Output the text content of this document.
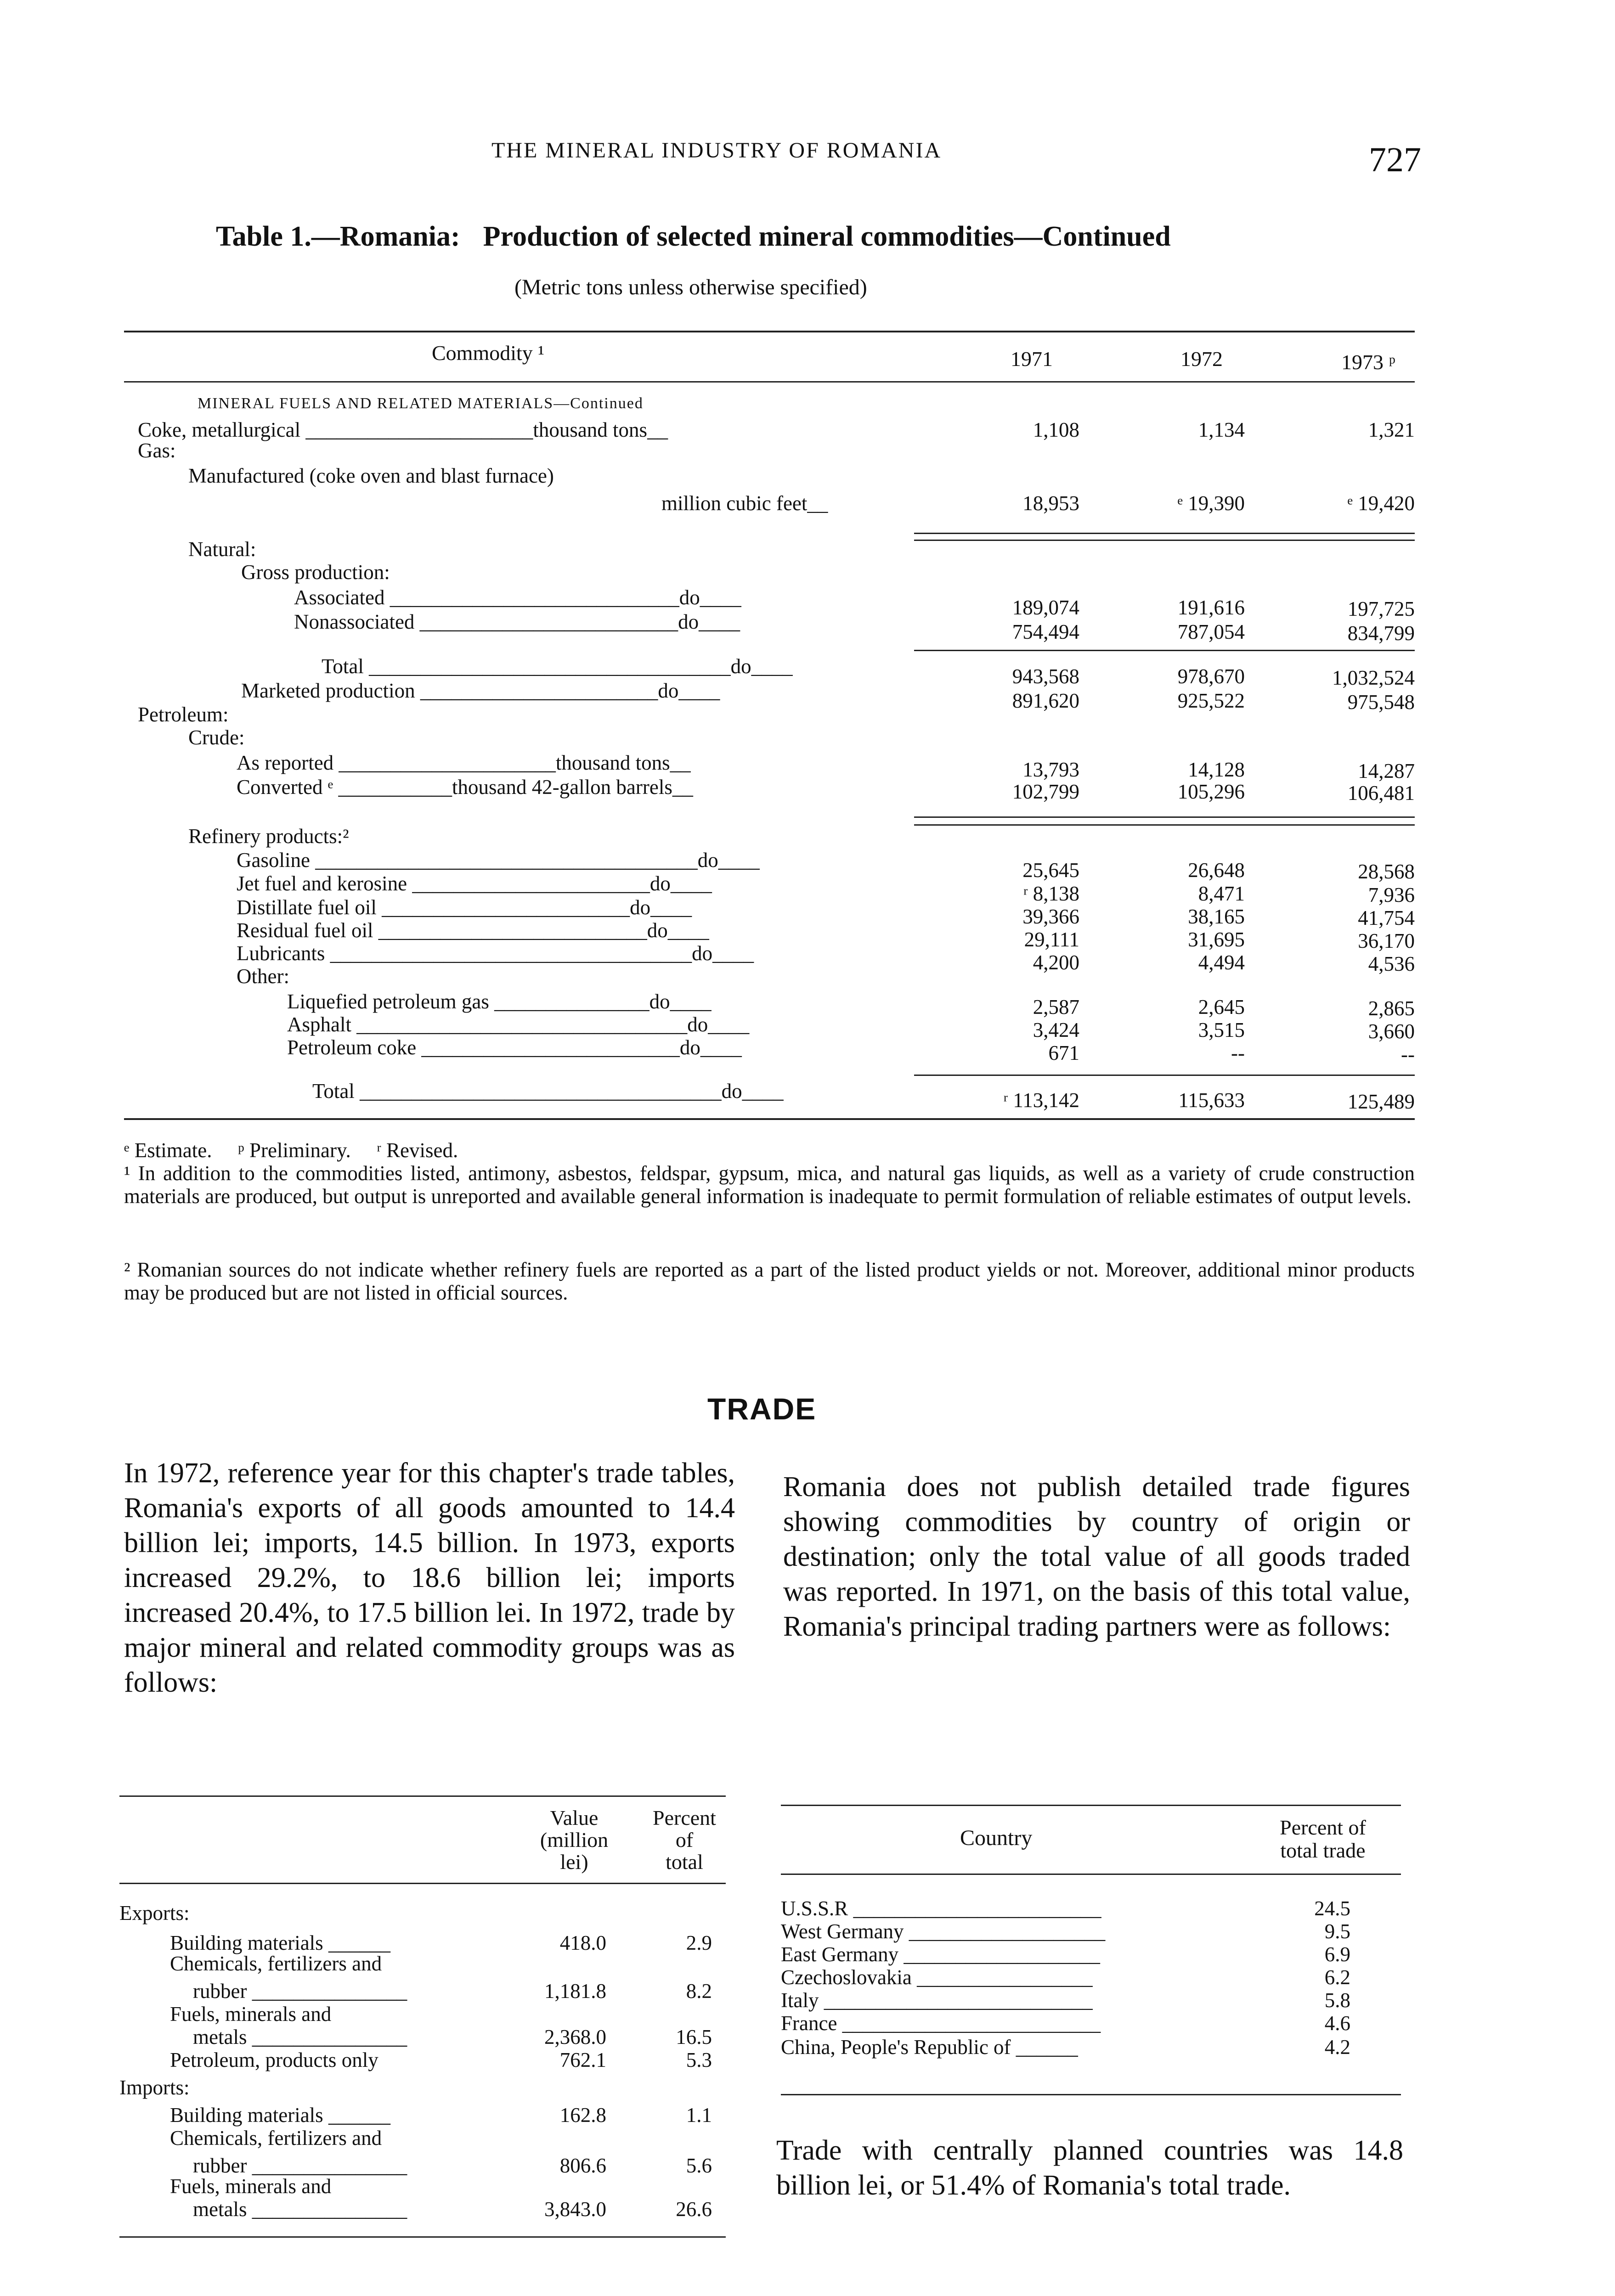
THE MINERAL INDUSTRY OF ROMANIA	727
Table 1.—Romania: Production of selected mineral commodities—Continued
(Metric tons unless otherwise specified)
Commodity ¹	1971	1972	1973 ᵖ
MINERAL FUELS AND RELATED MATERIALS—Continued
Coke, metallurgical ______________________thousand tons__	1,108	1,134	1,321
Gas:
Manufactured (coke oven and blast furnace)
million cubic feet__	18,953	ᵉ 19,390	ᵉ 19,420
Natural:
Gross production:
Associated ____________________________do____	189,074	191,616	197,725
Nonassociated _________________________do____	754,494	787,054	834,799
Total ___________________________________do____	943,568	978,670	1,032,524
Marketed production _______________________do____	891,620	925,522	975,548
Petroleum:
Crude:
As reported _____________________thousand tons__	13,793	14,128	14,287
Converted ᵉ ___________thousand 42-gallon barrels__	102,799	105,296	106,481
Refinery products:²
Gasoline _____________________________________do____	25,645	26,648	28,568
Jet fuel and kerosine _______________________do____	ʳ 8,138	8,471	7,936
Distillate fuel oil ________________________do____	39,366	38,165	41,754
Residual fuel oil __________________________do____	29,111	31,695	36,170
Lubricants ___________________________________do____	4,200	4,494	4,536
Other:
Liquefied petroleum gas _______________do____	2,587	2,645	2,865
Asphalt ________________________________do____	3,424	3,515	3,660
Petroleum coke _________________________do____	671	--	--
Total ___________________________________do____	ʳ 113,142	115,633	125,489
ᵉ Estimate.     ᵖ Preliminary.     ʳ Revised.
¹ In addition to the commodities listed, antimony, asbestos, feldspar, gypsum, mica, and natural gas liquids, as well as a variety of crude construction materials are produced, but output is unreported and available general information is inadequate to permit formulation of reliable estimates of output levels.
² Romanian sources do not indicate whether refinery fuels are reported as a part of the listed product yields or not. Moreover, additional minor products may be produced but are not listed in official sources.
TRADE
In 1972, reference year for this chapter's trade tables, Romania's exports of all goods amounted to 14.4 billion lei; imports, 14.5 billion. In 1973, exports increased 29.2%, to 18.6 billion lei; imports increased 20.4%, to 17.5 billion lei. In 1972, trade by major mineral and related commodity groups was as follows:
Romania does not publish detailed trade figures showing commodities by country of origin or destination; only the total value of all goods traded was reported. In 1971, on the basis of this total value, Romania's principal trading partners were as follows:
Value
(million
lei)
Percent
of
total
Exports:
Building materials ______	418.0	2.9
Chemicals, fertilizers and
rubber _______________	1,181.8	8.2
Fuels, minerals and
metals _______________	2,368.0	16.5
Petroleum, products only	762.1	5.3
Imports:
Building materials ______	162.8	1.1
Chemicals, fertilizers and
rubber _______________	806.6	5.6
Fuels, minerals and
metals _______________	3,843.0	26.6
Country	Percent of
total trade
U.S.S.R ________________________	24.5
West Germany ___________________	9.5
East Germany ___________________	6.9
Czechoslovakia _________________	6.2
Italy __________________________	5.8
France _________________________	4.6
China, People's Republic of ______	4.2
Trade with centrally planned countries was 14.8 billion lei, or 51.4% of Romania's total trade.
